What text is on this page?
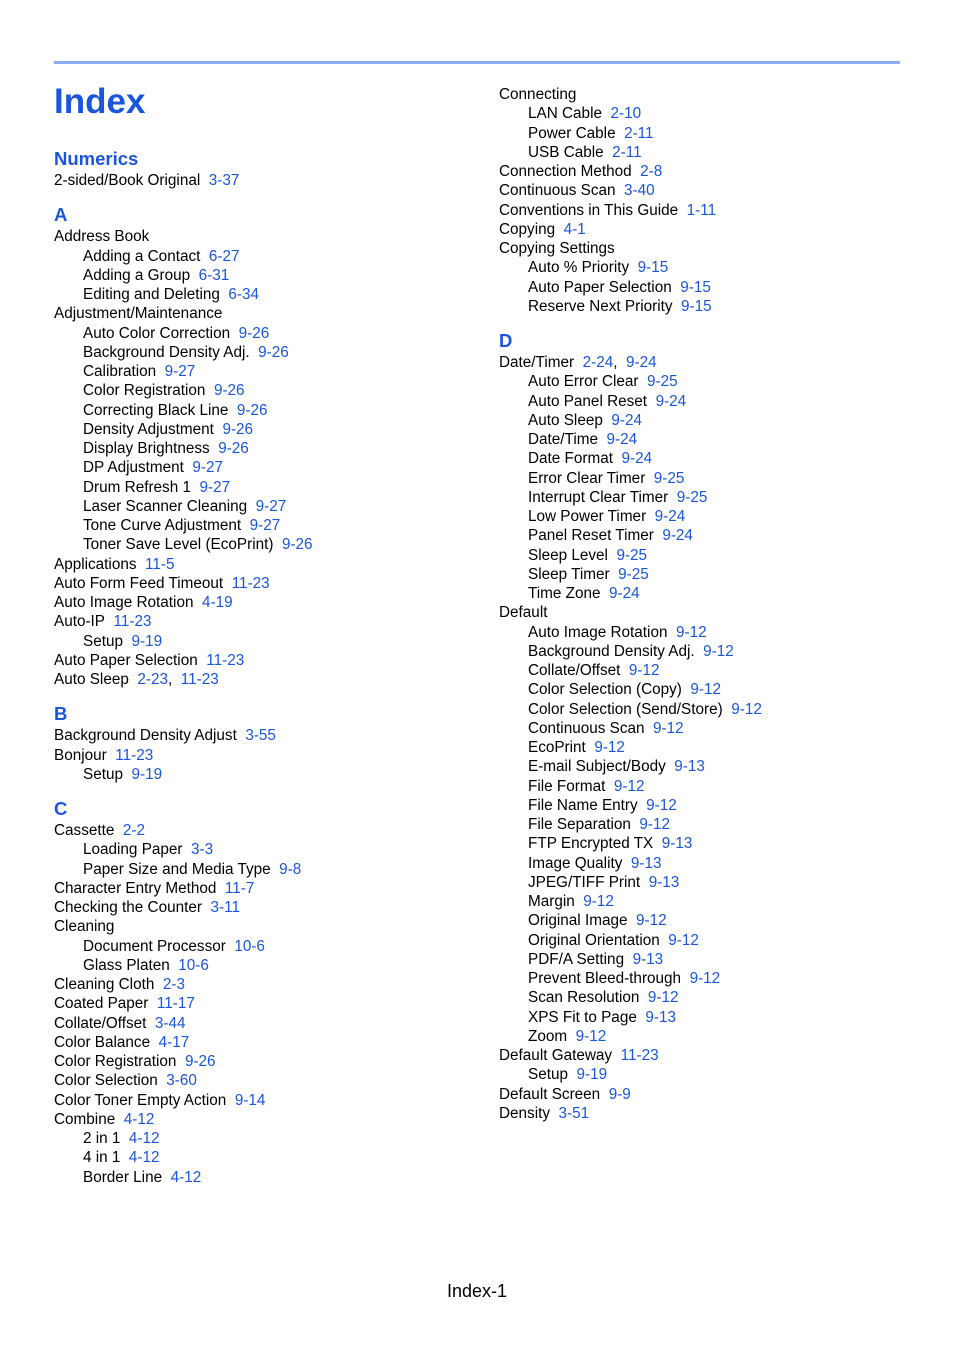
Index
Numerics
2-sided/Book Original 3-37
A
Address Book
Adding a Contact 6-27
Adding a Group 6-31
Editing and Deleting 6-34
Adjustment/Maintenance
Auto Color Correction 9-26
Background Density Adj. 9-26
Calibration 9-27
Color Registration 9-26
Correcting Black Line 9-26
Density Adjustment 9-26
Display Brightness 9-26
DP Adjustment 9-27
Drum Refresh 1 9-27
Laser Scanner Cleaning 9-27
Tone Curve Adjustment 9-27
Toner Save Level (EcoPrint) 9-26
Applications 11-5
Auto Form Feed Timeout 11-23
Auto Image Rotation 4-19
Auto-IP 11-23
Setup 9-19
Auto Paper Selection 11-23
Auto Sleep 2-23, 11-23
B
Background Density Adjust 3-55
Bonjour 11-23
Setup 9-19
C
Cassette 2-2
Loading Paper 3-3
Paper Size and Media Type 9-8
Character Entry Method 11-7
Checking the Counter 3-11
Cleaning
Document Processor 10-6
Glass Platen 10-6
Cleaning Cloth 2-3
Coated Paper 11-17
Collate/Offset 3-44
Color Balance 4-17
Color Registration 9-26
Color Selection 3-60
Color Toner Empty Action 9-14
Combine 4-12
2 in 1 4-12
4 in 1 4-12
Border Line 4-12
Connecting
LAN Cable 2-10
Power Cable 2-11
USB Cable 2-11
Connection Method 2-8
Continuous Scan 3-40
Conventions in This Guide 1-11
Copying 4-1
Copying Settings
Auto % Priority 9-15
Auto Paper Selection 9-15
Reserve Next Priority 9-15
D
Date/Timer 2-24, 9-24
Auto Error Clear 9-25
Auto Panel Reset 9-24
Auto Sleep 9-24
Date/Time 9-24
Date Format 9-24
Error Clear Timer 9-25
Interrupt Clear Timer 9-25
Low Power Timer 9-24
Panel Reset Timer 9-24
Sleep Level 9-25
Sleep Timer 9-25
Time Zone 9-24
Default
Auto Image Rotation 9-12
Background Density Adj. 9-12
Collate/Offset 9-12
Color Selection (Copy) 9-12
Color Selection (Send/Store) 9-12
Continuous Scan 9-12
EcoPrint 9-12
E-mail Subject/Body 9-13
File Format 9-12
File Name Entry 9-12
File Separation 9-12
FTP Encrypted TX 9-13
Image Quality 9-13
JPEG/TIFF Print 9-13
Margin 9-12
Original Image 9-12
Original Orientation 9-12
PDF/A Setting 9-13
Prevent Bleed-through 9-12
Scan Resolution 9-12
XPS Fit to Page 9-13
Zoom 9-12
Default Gateway 11-23
Setup 9-19
Default Screen 9-9
Density 3-51
Index-1
